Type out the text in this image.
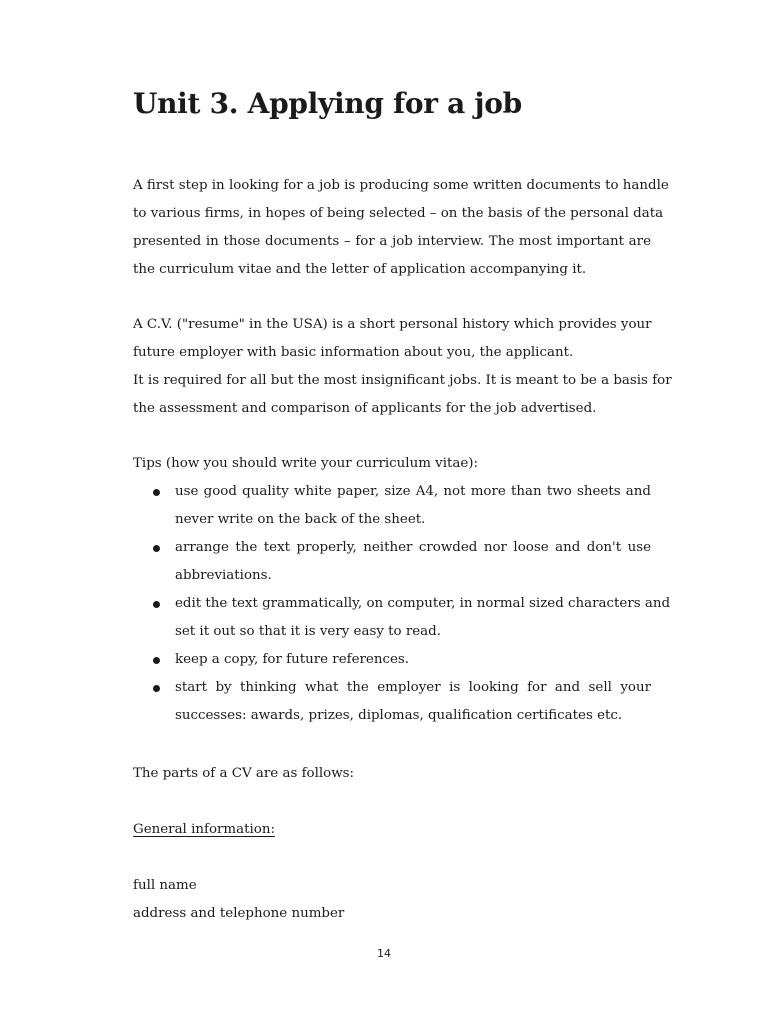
Unit 3. Applying for a job
A first step in looking for a job is producing some written documents to handle
to various firms, in hopes of being selected – on the basis of the personal data
presented in those documents – for a job interview. The most important are
the curriculum vitae and the letter of application accompanying it.
A C.V. ("resume" in the USA) is a short personal history which provides your
future employer with basic information about you, the applicant.
It is required for all but the most insignificant jobs. It is meant to be a basis for
the assessment and comparison of applicants for the job advertised.

Tips (how you should write your curriculum vitae):

use good quality white paper, size A4, not more than two sheets and
never write on the back of the sheet.
arrange the text properly, neither crowded nor loose and don't use
abbreviations.
edit the text grammatically, on computer, in normal sized characters and
set it out so that it is very easy to read.
keep a copy, for future references.
start by thinking what the employer is looking for and sell your
successes: awards, prizes, diplomas, qualification certificates etc.
The parts of a CV are as follows:
General information:
full name
address and telephone number
14
